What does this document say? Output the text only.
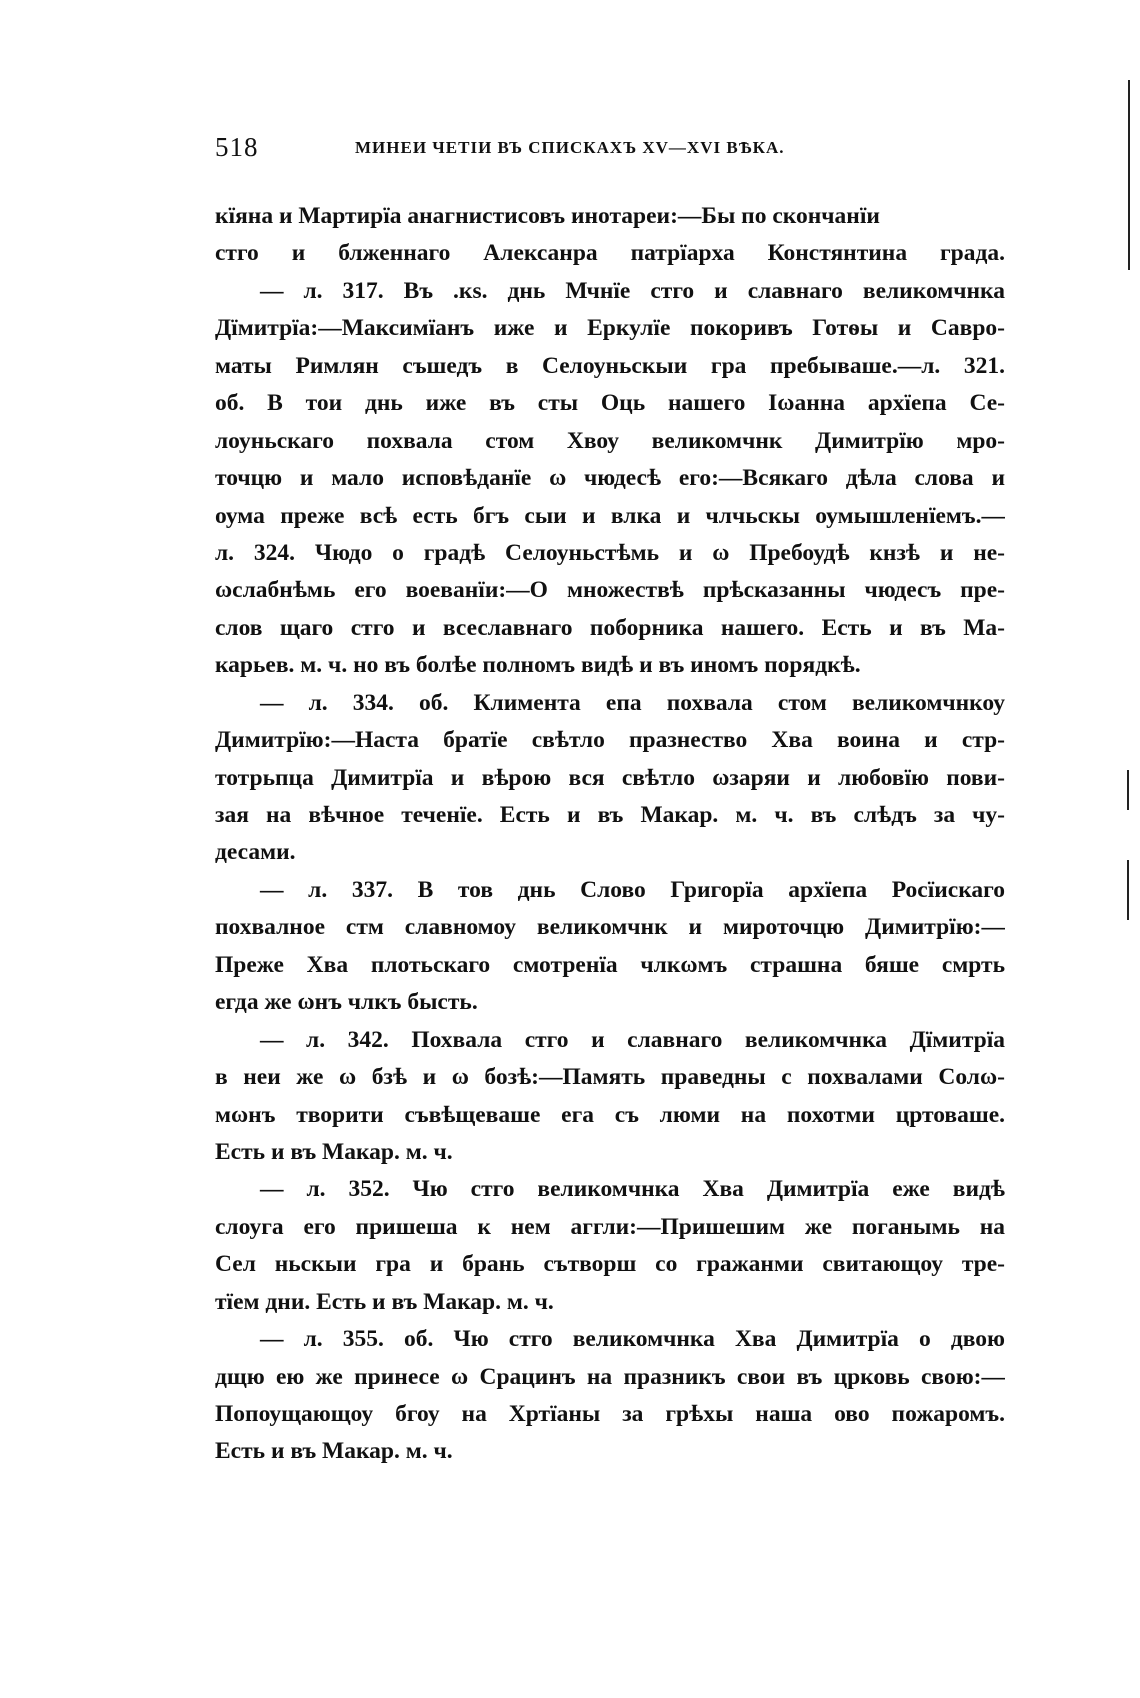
518	МИНЕИ ЧЕТІИ ВЪ СПИСКАХЪ XV—XVI ВѢКА.
кїяна и Мартирїа анагнистисовъ инотареи:—Бы по скончанїи
стго и блженнаго Алексанра патрїарха Констянтина града.
— л. 317. Въ .кѕ. днь Мчнїе стго и славнаго великомчнка
Дїмитрїа:—Максимїанъ иже и Еркулїе покоривъ Готѳы и Савро-
маты Римлян съшедъ в Селоуньскыи гра пребываше.—л. 321.
об. В тои днь иже въ сты Оць нашего Іωанна архїепа Се-
лоуньскаго похвала стом Хвоу великомчнк Димитрїю мро-
точцю и мало исповѣданїе ω чюдесѣ его:—Всякаго дѣла слова и
оума преже всѣ есть бгъ сыи и влка и члчьскы оумышленїемъ.—
л. 324. Чюдо о градѣ Селоуньстѣмь и ω Пребоудѣ кнзѣ и не-
ωслабнѣмь его воеванїи:—О множествѣ прѣсказанны чюдесъ пре-
слов щаго стго и всеславнаго поборника нашего. Есть и въ Ма-
карьев. м. ч. но въ болѣе полномъ видѣ и въ иномъ порядкѣ.
— л. 334. об. Климента епа похвала стом великомчнкоу
Димитрїю:—Наста братїе свѣтло празнество Хва воина и стр-
тотрьпца Димитрїа и вѣрою вся свѣтло ωзаряи и любовїю пови-
зая на вѣчное теченїе. Есть и въ Макар. м. ч. въ слѣдъ за чу-
десами.
— л. 337. В тов днь Слово Григорїа архїепа Росїискаго
похвалное стм славномоу великомчнк и мироточцю Димитрїю:—
Преже Хва плотьскаго смотренїа члкωмъ страшна бяше смрть
егда же ωнъ члкъ бысть.
— л. 342. Похвала стго и славнаго великомчнка Дїмитрїа
в неи же ω бзѣ и ω бозѣ:—Память праведны с похвалами Солω-
мωнъ творити съвѣщеваше ега съ люми на похотми цртоваше.
Есть и въ Макар. м. ч.
— л. 352. Чю стго великомчнка Хва Димитрїа еже видѣ
слоуга его пришеша к нем аггли:—Пришешим же поганымь на
Сел ньскыи гра и брань сътворш со гражанми свитающоу тре-
тїем дни. Есть и въ Макар. м. ч.
— л. 355. об. Чю стго великомчнка Хва Димитрїа о двою
дщю ею же принесе ω Срацинъ на празникъ свои въ црковь свою:—
Попоущающоу бгоу на Хртїаны за грѣхы наша ово пожаромъ.
Есть и въ Макар. м. ч.
